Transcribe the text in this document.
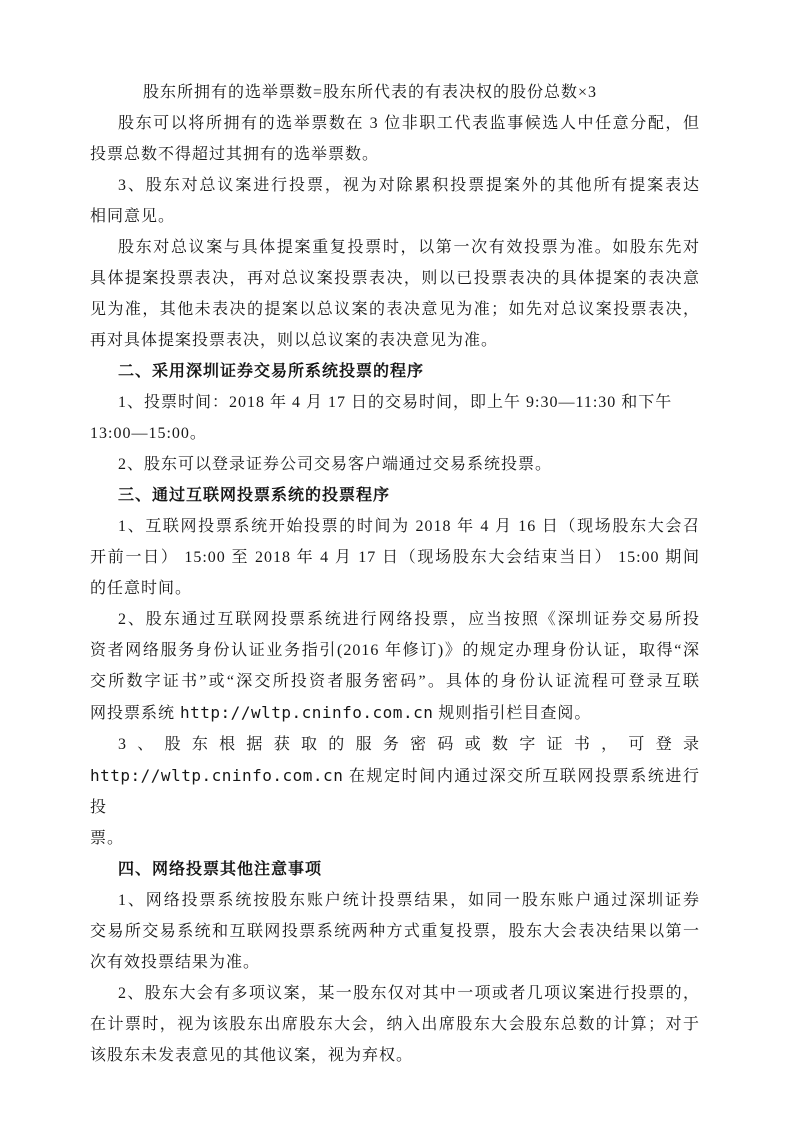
股东所拥有的选举票数=股东所代表的有表决权的股份总数×3

股东可以将所拥有的选举票数在 3 位非职工代表监事候选人中任意分配，但
投票总数不得超过其拥有的选举票数。

3、股东对总议案进行投票，视为对除累积投票提案外的其他所有提案表达
相同意见。

股东对总议案与具体提案重复投票时，以第一次有效投票为准。如股东先对
具体提案投票表决，再对总议案投票表决，则以已投票表决的具体提案的表决意
见为准，其他未表决的提案以总议案的表决意见为准；如先对总议案投票表决，
再对具体提案投票表决，则以总议案的表决意见为准。

二、采用深圳证券交易所系统投票的程序

1、投票时间：2018 年 4 月 17 日的交易时间，即上午 9:30—11:30 和下午
13:00—15:00。

2、股东可以登录证券公司交易客户端通过交易系统投票。

三、通过互联网投票系统的投票程序

1、互联网投票系统开始投票的时间为 2018 年 4 月 16 日（现场股东大会召
开前一日） 15:00 至 2018 年 4 月 17 日（现场股东大会结束当日） 15:00 期间
的任意时间。

2、股东通过互联网投票系统进行网络投票，应当按照《深圳证券交易所投
资者网络服务身份认证业务指引(2016 年修订)》的规定办理身份认证，取得“深
交所数字证书”或“深交所投资者服务密码”。具体的身份认证流程可登录互联
网投票系统 http://wltp.cninfo.com.cn 规则指引栏目查阅。

3、股东根据获取的服务密码或数字证书，可登录
http://wltp.cninfo.com.cn 在规定时间内通过深交所互联网投票系统进行投
票。

四、网络投票其他注意事项

1、网络投票系统按股东账户统计投票结果，如同一股东账户通过深圳证券
交易所交易系统和互联网投票系统两种方式重复投票，股东大会表决结果以第一
次有效投票结果为准。

2、股东大会有多项议案，某一股东仅对其中一项或者几项议案进行投票的，
在计票时，视为该股东出席股东大会，纳入出席股东大会股东总数的计算；对于
该股东未发表意见的其他议案，视为弃权。
